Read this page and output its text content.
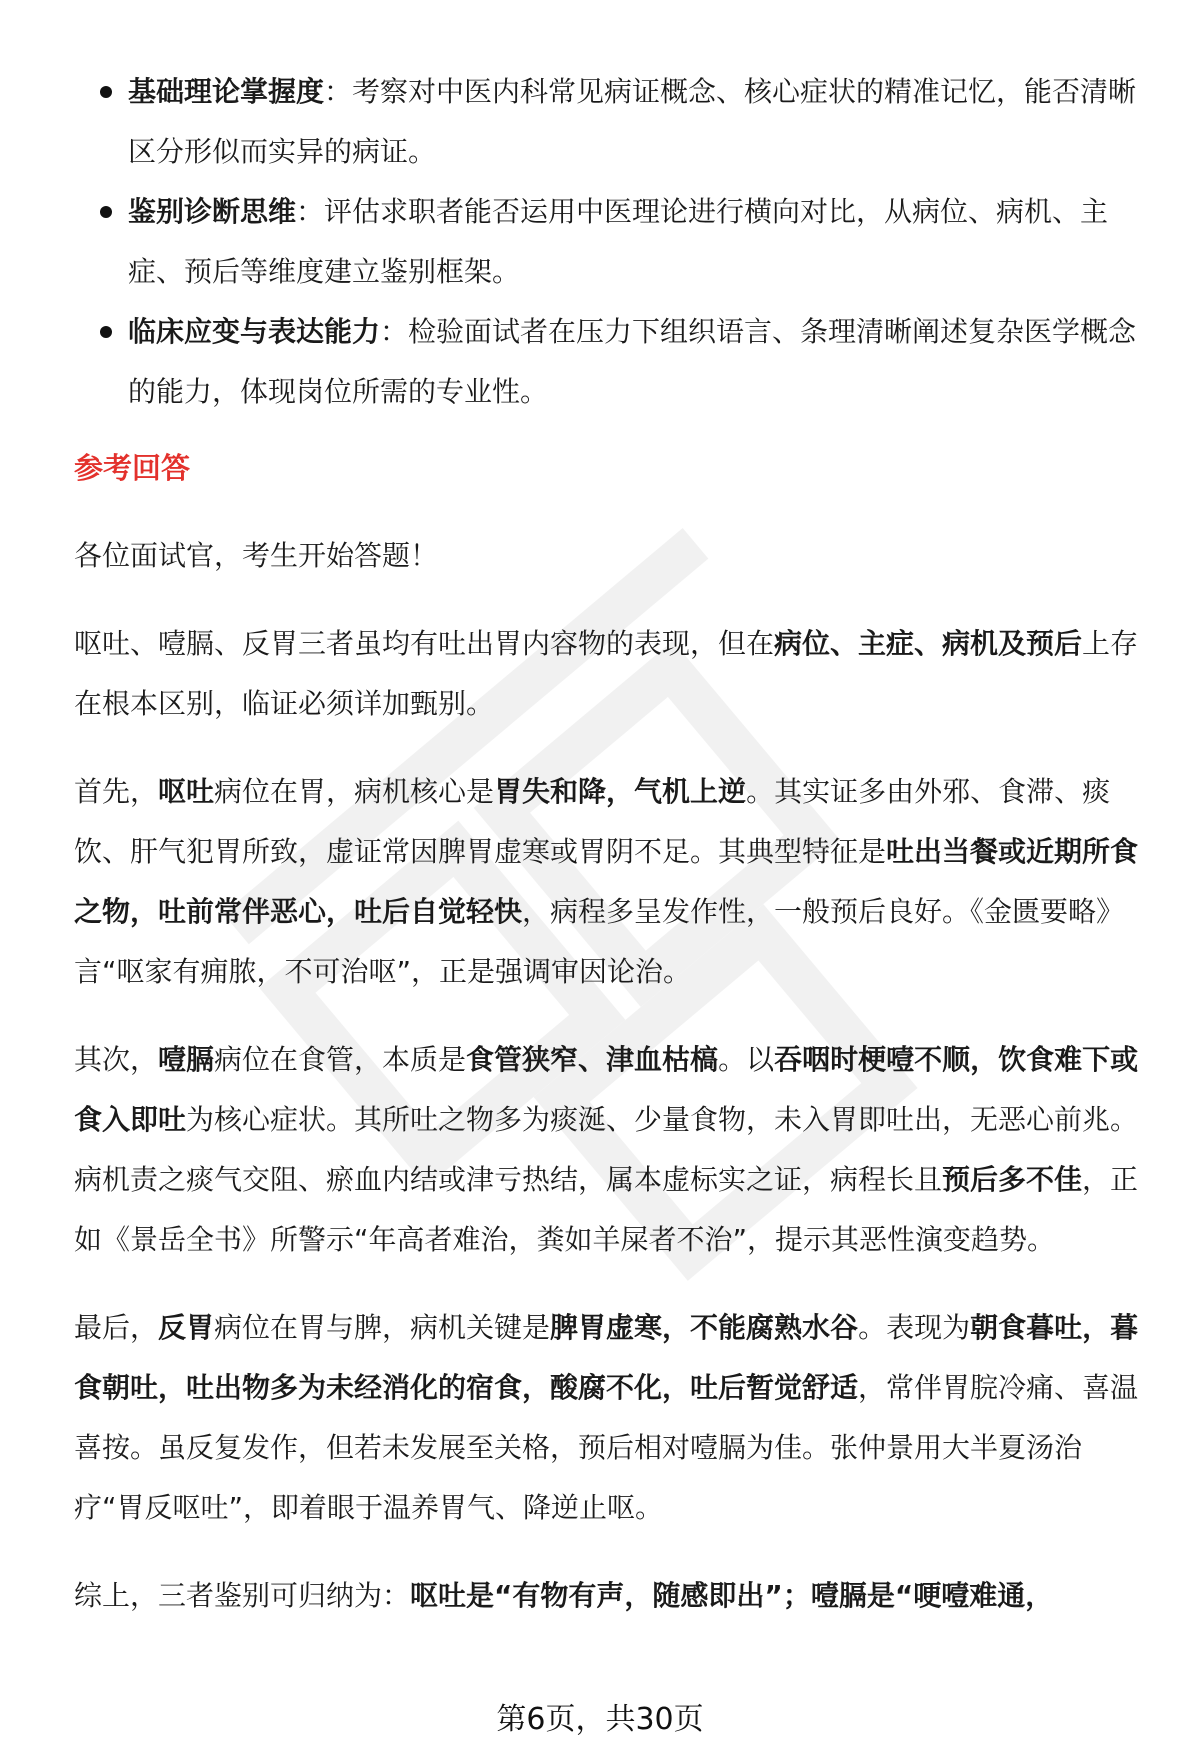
基础理论掌握度：考察对中医内科常见病证概念、核心症状的精准记忆，能否清晰区分形似而实异的病证。
鉴别诊断思维：评估求职者能否运用中医理论进行横向对比，从病位、病机、主症、预后等维度建立鉴别框架。
临床应变与表达能力：检验面试者在压力下组织语言、条理清晰阐述复杂医学概念的能力，体现岗位所需的专业性。
参考回答

各位面试官，考生开始答题！

呕吐、噎膈、反胃三者虽均有吐出胃内容物的表现，但在病位、主症、病机及预后上存在根本区别，临证必须详加甄别。

首先，呕吐病位在胃，病机核心是胃失和降，气机上逆。其实证多由外邪、食滞、痰饮、肝气犯胃所致，虚证常因脾胃虚寒或胃阴不足。其典型特征是吐出当餐或近期所食之物，吐前常伴恶心，吐后自觉轻快，病程多呈发作性，一般预后良好。《金匮要略》言“呕家有痈脓，不可治呕”，正是强调审因论治。

其次，噎膈病位在食管，本质是食管狭窄、津血枯槁。以吞咽时梗噎不顺，饮食难下或食入即吐为核心症状。其所吐之物多为痰涎、少量食物，未入胃即吐出，无恶心前兆。病机责之痰气交阻、瘀血内结或津亏热结，属本虚标实之证，病程长且预后多不佳，正如《景岳全书》所警示“年高者难治，粪如羊屎者不治”，提示其恶性演变趋势。

最后，反胃病位在胃与脾，病机关键是脾胃虚寒，不能腐熟水谷。表现为朝食暮吐，暮食朝吐，吐出物多为未经消化的宿食，酸腐不化，吐后暂觉舒适，常伴胃脘冷痛、喜温喜按。虽反复发作，但若未发展至关格，预后相对噎膈为佳。张仲景用大半夏汤治疗“胃反呕吐”，即着眼于温养胃气、降逆止呕。

综上，三者鉴别可归纳为：呕吐是“有物有声，随感即出”；噎膈是“哽噎难通，

第6页，共30页
